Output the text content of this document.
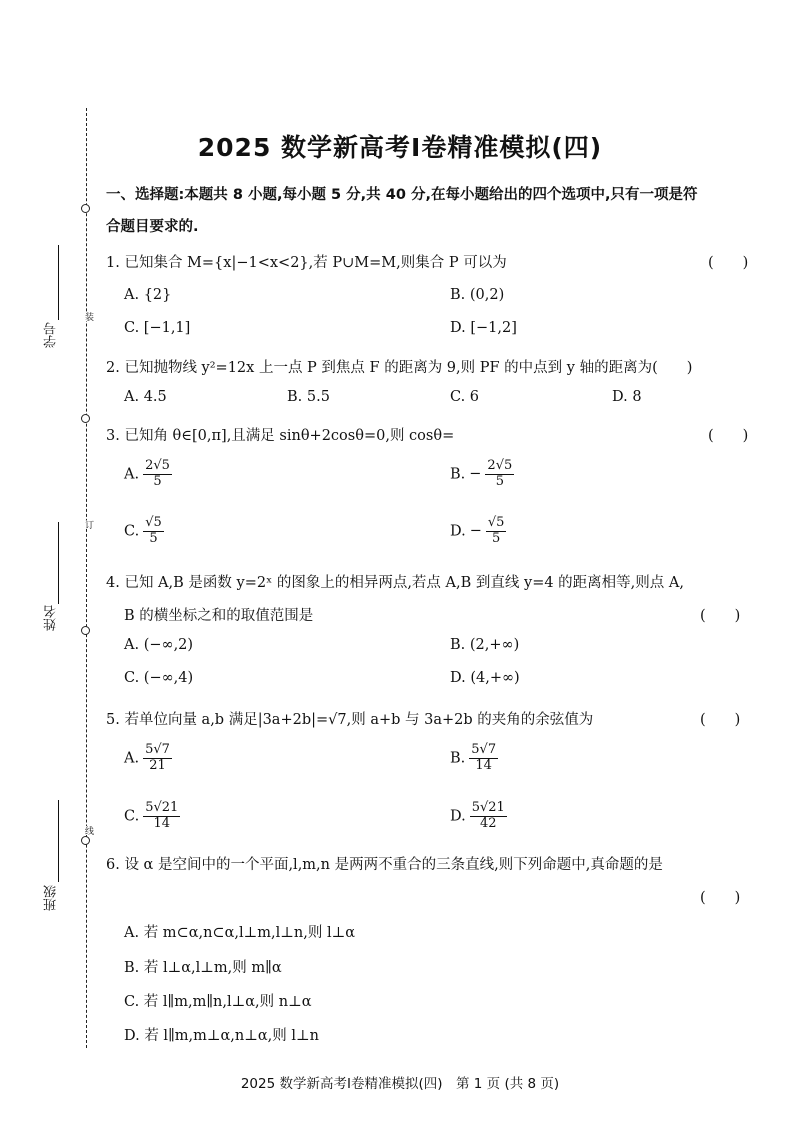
装
订
线
学号
姓名
班级
2025 数学新高考Ⅰ卷精准模拟(四)
一、选择题:本题共 8 小题,每小题 5 分,共 40 分,在每小题给出的四个选项中,只有一项是符
合题目要求的.
1. 已知集合 M={x|−1<x<2},若 P∪M=M,则集合 P 可以为	(　　)
A. {2}	B. (0,2)
C. [−1,1]	D. [−1,2]
2. 已知抛物线 y²=12x 上一点 P 到焦点 F 的距离为 9,则 PF 的中点到 y 轴的距离为(　　)
A. 4.5	B. 5.5	C. 6	D. 8
3. 已知角 θ∈[0,π],且满足 sinθ+2cosθ=0,则 cosθ=	(　　)
A. $\frac{2√5}{5}$	B. − $\frac{2√5}{5}$
C. $\frac{√5}{5}$	D. − $\frac{√5}{5}$
4. 已知 A,B 是函数 y=2ˣ 的图象上的相异两点,若点 A,B 到直线 y=4 的距离相等,则点 A,
B 的横坐标之和的取值范围是	(　　)
A. (−∞,2)	B. (2,+∞)
C. (−∞,4)	D. (4,+∞)
5. 若单位向量 a,b 满足|3a+2b|=√7,则 a+b 与 3a+2b 的夹角的余弦值为	(　　)
A. $\frac{5√7}{21}$	B. $\frac{5√7}{14}$
C. $\frac{5√21}{14}$	D. $\frac{5√21}{42}$
6. 设 α 是空间中的一个平面,l,m,n 是两两不重合的三条直线,则下列命题中,真命题的是
(　　)
A. 若 m⊂α,n⊂α,l⊥m,l⊥n,则 l⊥α
B. 若 l⊥α,l⊥m,则 m∥α
C. 若 l∥m,m∥n,l⊥α,则 n⊥α
D. 若 l∥m,m⊥α,n⊥α,则 l⊥n
2025 数学新高考Ⅰ卷精准模拟(四)　第 1 页 (共 8 页)
